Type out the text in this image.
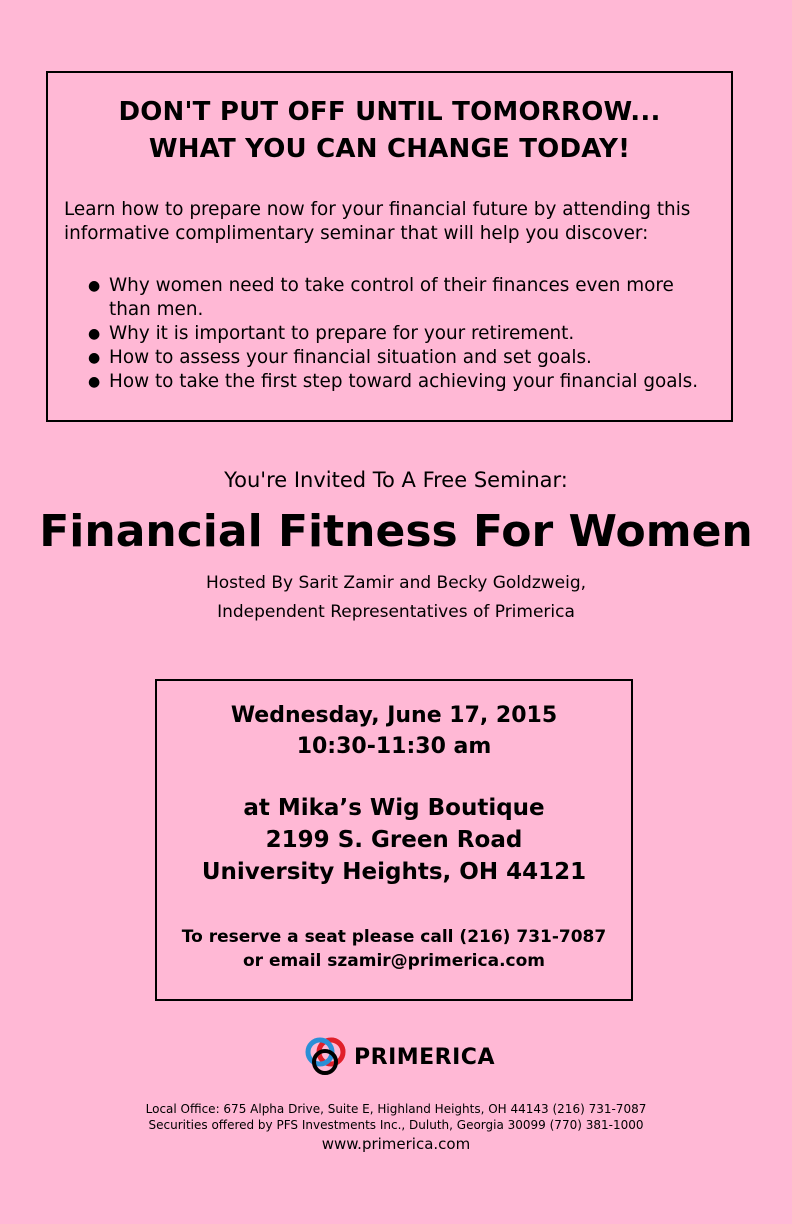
DON'T PUT OFF UNTIL TOMORROW...
WHAT YOU CAN CHANGE TODAY!

Learn how to prepare now for your financial future by attending this informative complimentary seminar that will help you discover:

● Why women need to take control of their finances even more than men.
● Why it is important to prepare for your retirement.
● How to assess your financial situation and set goals.
● How to take the first step toward achieving your financial goals.
You're Invited To A Free Seminar:
Financial Fitness For Women
Hosted By Sarit Zamir and Becky Goldzweig,
Independent Representatives of Primerica
Wednesday, June 17, 2015
10:30-11:30 am
at Mika’s Wig Boutique
2199 S. Green Road
University Heights, OH 44121
To reserve a seat please call (216) 731-7087
or email szamir@primerica.com
PRIMERICA
Local Office: 675 Alpha Drive, Suite E, Highland Heights, OH 44143 (216) 731-7087
Securities offered by PFS Investments Inc., Duluth, Georgia 30099 (770) 381-1000
www.primerica.com
